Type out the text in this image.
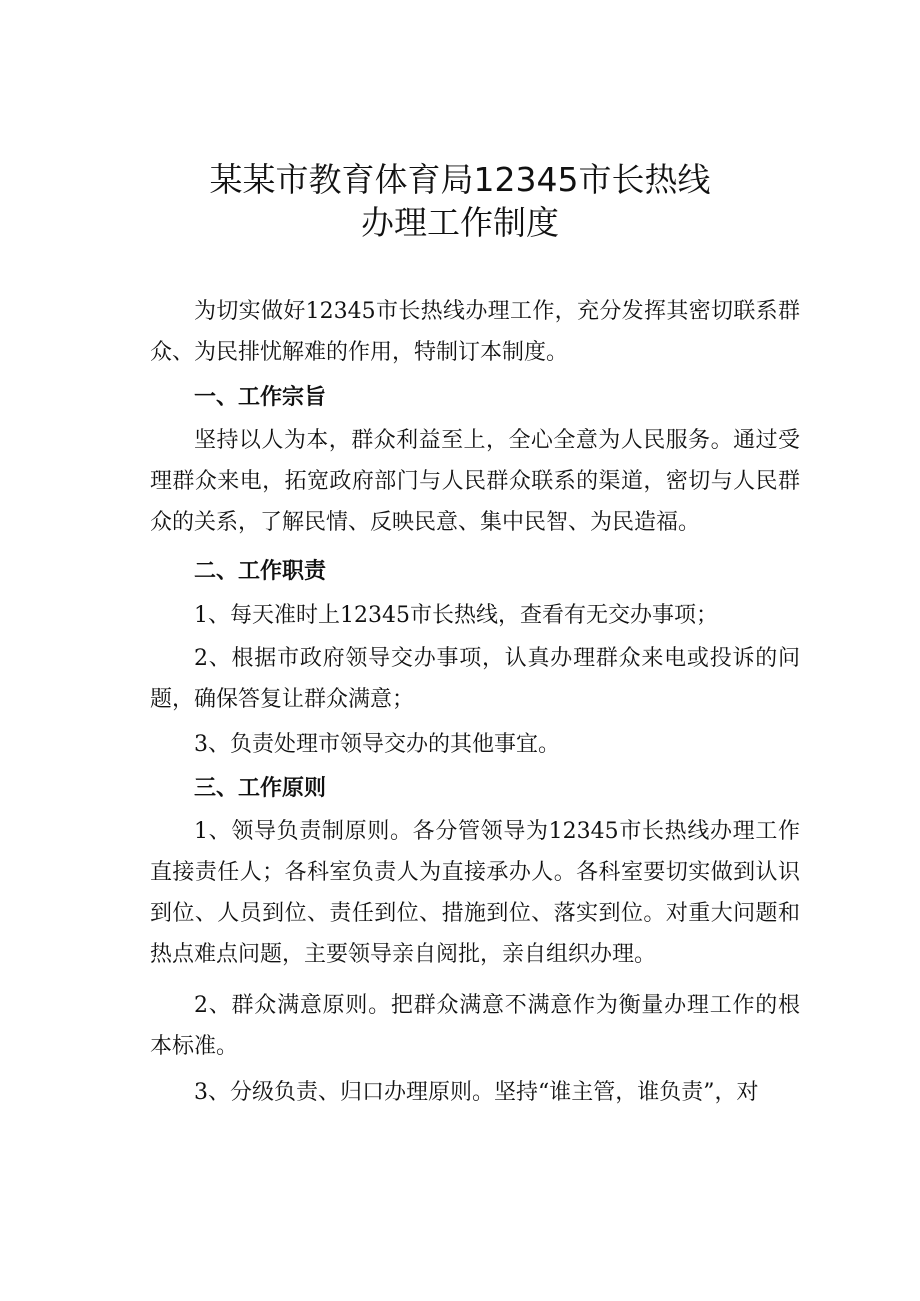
某某市教育体育局12345市长热线
办理工作制度
为切实做好12345市长热线办理工作，充分发挥其密切联系群众、为民排忧解难的作用，特制订本制度。
一、工作宗旨
坚持以人为本，群众利益至上，全心全意为人民服务。通过受理群众来电，拓宽政府部门与人民群众联系的渠道，密切与人民群众的关系，了解民情、反映民意、集中民智、为民造福。
二、工作职责
1、每天准时上12345市长热线，查看有无交办事项；
2、根据市政府领导交办事项，认真办理群众来电或投诉的问题，确保答复让群众满意；
3、负责处理市领导交办的其他事宜。
三、工作原则
1、领导负责制原则。各分管领导为12345市长热线办理工作直接责任人；各科室负责人为直接承办人。各科室要切实做到认识到位、人员到位、责任到位、措施到位、落实到位。对重大问题和热点难点问题，主要领导亲自阅批，亲自组织办理。
2、群众满意原则。把群众满意不满意作为衡量办理工作的根本标准。
3、分级负责、归口办理原则。坚持“谁主管，谁负责”，对
